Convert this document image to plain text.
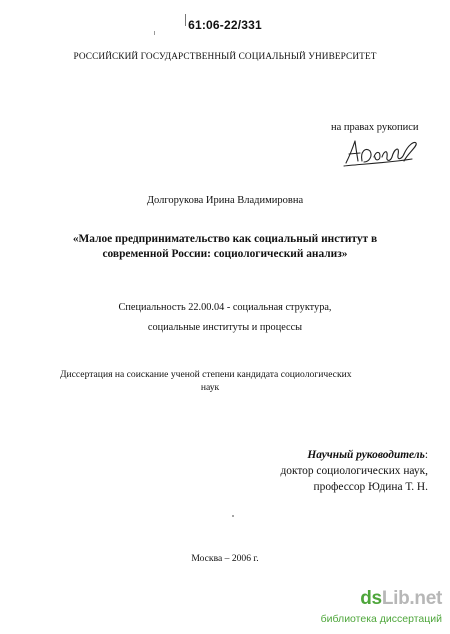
61:06-22/331
РОССИЙСКИЙ ГОСУДАРСТВЕННЫЙ СОЦИАЛЬНЫЙ УНИВЕРСИТЕТ
на правах рукописи
Долгорукова Ирина Владимировна
«Малое предпринимательство как социальный институт в
современной России: социологический анализ»
Специальность 22.00.04 - социальная структура,
социальные институты и процессы
Диссертация на соискание ученой степени кандидата социологических
наук
Научный руководитель:
доктор социологических наук,
профессор Юдина Т. Н.
Москва – 2006 г.
dsLib.net
библиотека диссертаций
